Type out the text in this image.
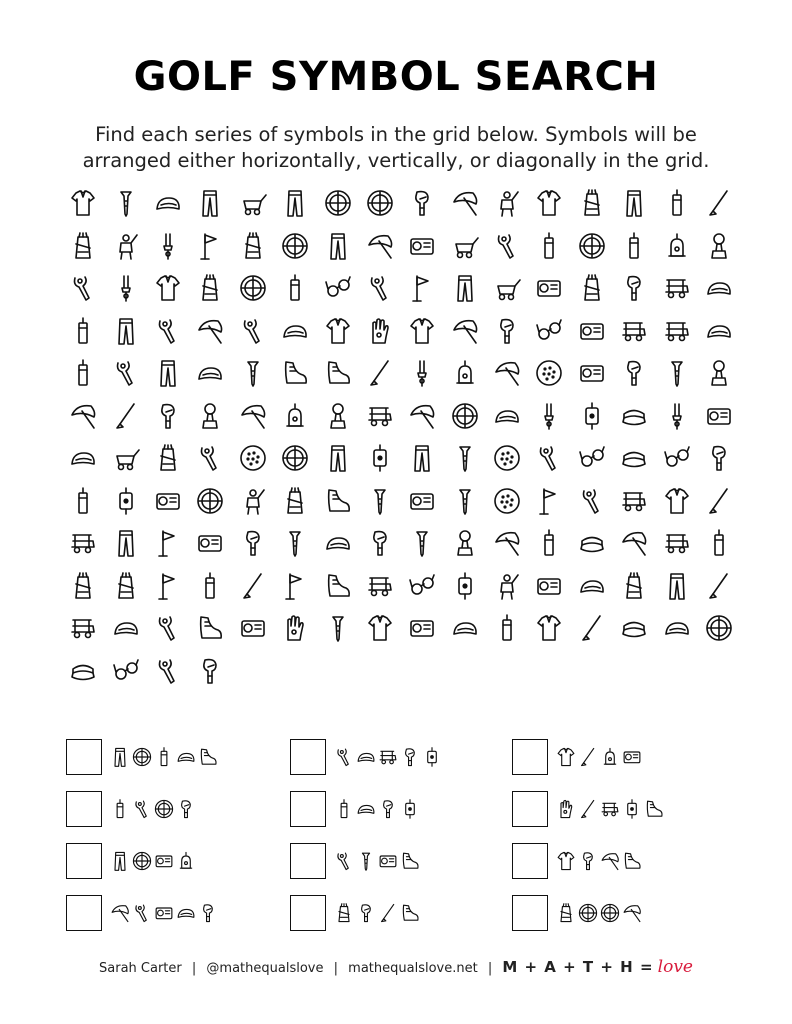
GOLF SYMBOL SEARCH
Find each series of symbols in the grid below. Symbols will be arranged either horizontally, vertically, or diagonally in the grid.
Sarah Carter | @mathequalslove | mathequalslove.net | M + A + T + H = love
